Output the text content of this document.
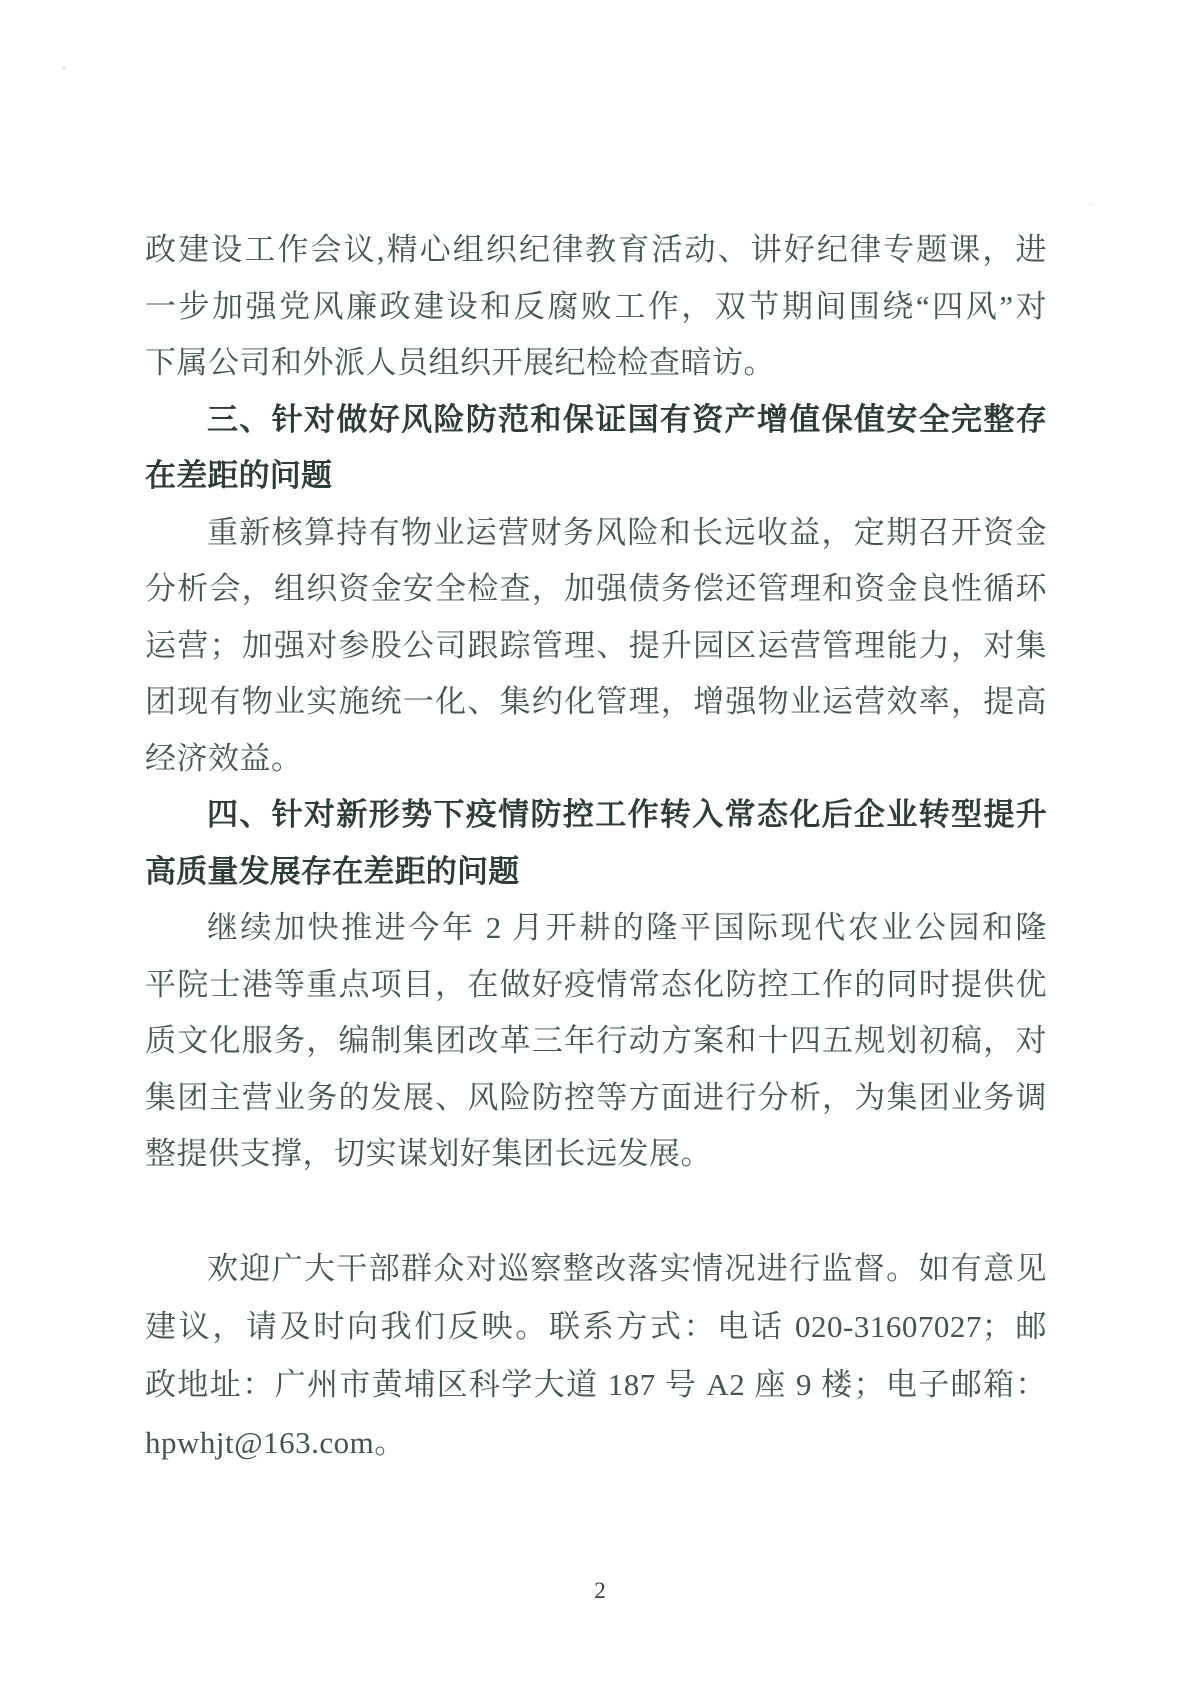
政建设工作会议,精心组织纪律教育活动、讲好纪律专题课，进
一步加强党风廉政建设和反腐败工作，双节期间围绕“四风”对
下属公司和外派人员组织开展纪检检查暗访。
三、针对做好风险防范和保证国有资产增值保值安全完整存
在差距的问题
重新核算持有物业运营财务风险和长远收益，定期召开资金
分析会，组织资金安全检查，加强债务偿还管理和资金良性循环
运营；加强对参股公司跟踪管理、提升园区运营管理能力，对集
团现有物业实施统一化、集约化管理，增强物业运营效率，提高
经济效益。
四、针对新形势下疫情防控工作转入常态化后企业转型提升
高质量发展存在差距的问题
继续加快推进今年 2 月开耕的隆平国际现代农业公园和隆
平院士港等重点项目，在做好疫情常态化防控工作的同时提供优
质文化服务，编制集团改革三年行动方案和十四五规划初稿，对
集团主营业务的发展、风险防控等方面进行分析，为集团业务调
整提供支撑，切实谋划好集团长远发展。
欢迎广大干部群众对巡察整改落实情况进行监督。如有意见
建议，请及时向我们反映。联系方式：电话 020-31607027；邮
政地址：广州市黄埔区科学大道 187 号 A2 座 9 楼；电子邮箱：
hpwhjt@163.com。
2
